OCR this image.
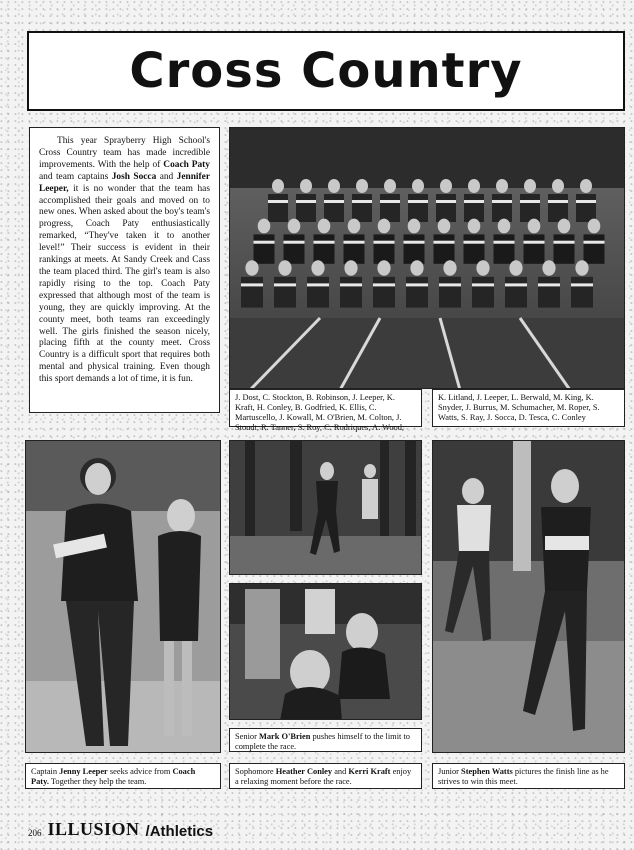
Cross Country

This year Sprayberry High School's Cross Country team has made incredible improvements. With the help of Coach Paty and team captains Josh Socca and Jennifer Leeper, it is no wonder that the team has accomplished their goals and moved on to new ones. When asked about the boy's team's progress, Coach Paty enthusiastically remarked, “They've taken it to another level!” Their success is evident in their rankings at meets. At Sandy Creek and Cass the team placed third. The girl's team is also rapidly rising to the top. Coach Paty expressed that although most of the team is young, they are quickly improving. At the county meet, both teams ran exceedingly well. The girls finished the season nicely, placing fifth at the county meet. Cross Country is a difficult sport that requires both mental and physical training. Even though this sport demands a lot of time, it is fun.

J. Dost, C. Stockton, B. Robinson, J. Leeper, K. Kraft, H. Conley, B. Godfried, K. Ellis, C. Martuscello, J. Kowall, M. O'Brien, M. Colton, J. Stoudt, R. Tanner, S. Roy, C. Rodriques, A. Wood,
K. Litland, J. Leeper, L. Berwald, M. King, K. Snyder, J. Burrus, M. Schumacher, M. Roper, S. Watts, S. Ray, J. Socca, D. Tesca, C. Conley
Captain Jenny Leeper seeks advice from Coach Paty. Together they help the team.
Senior Mark O'Brien pushes himself to the limit to complete the race.
Sophomore Heather Conley and Kerri Kraft enjoy a relaxing moment before the race.
Junior Stephen Watts pictures the finish line as he strives to win this meet.
206 ILLUSION /Athletics
